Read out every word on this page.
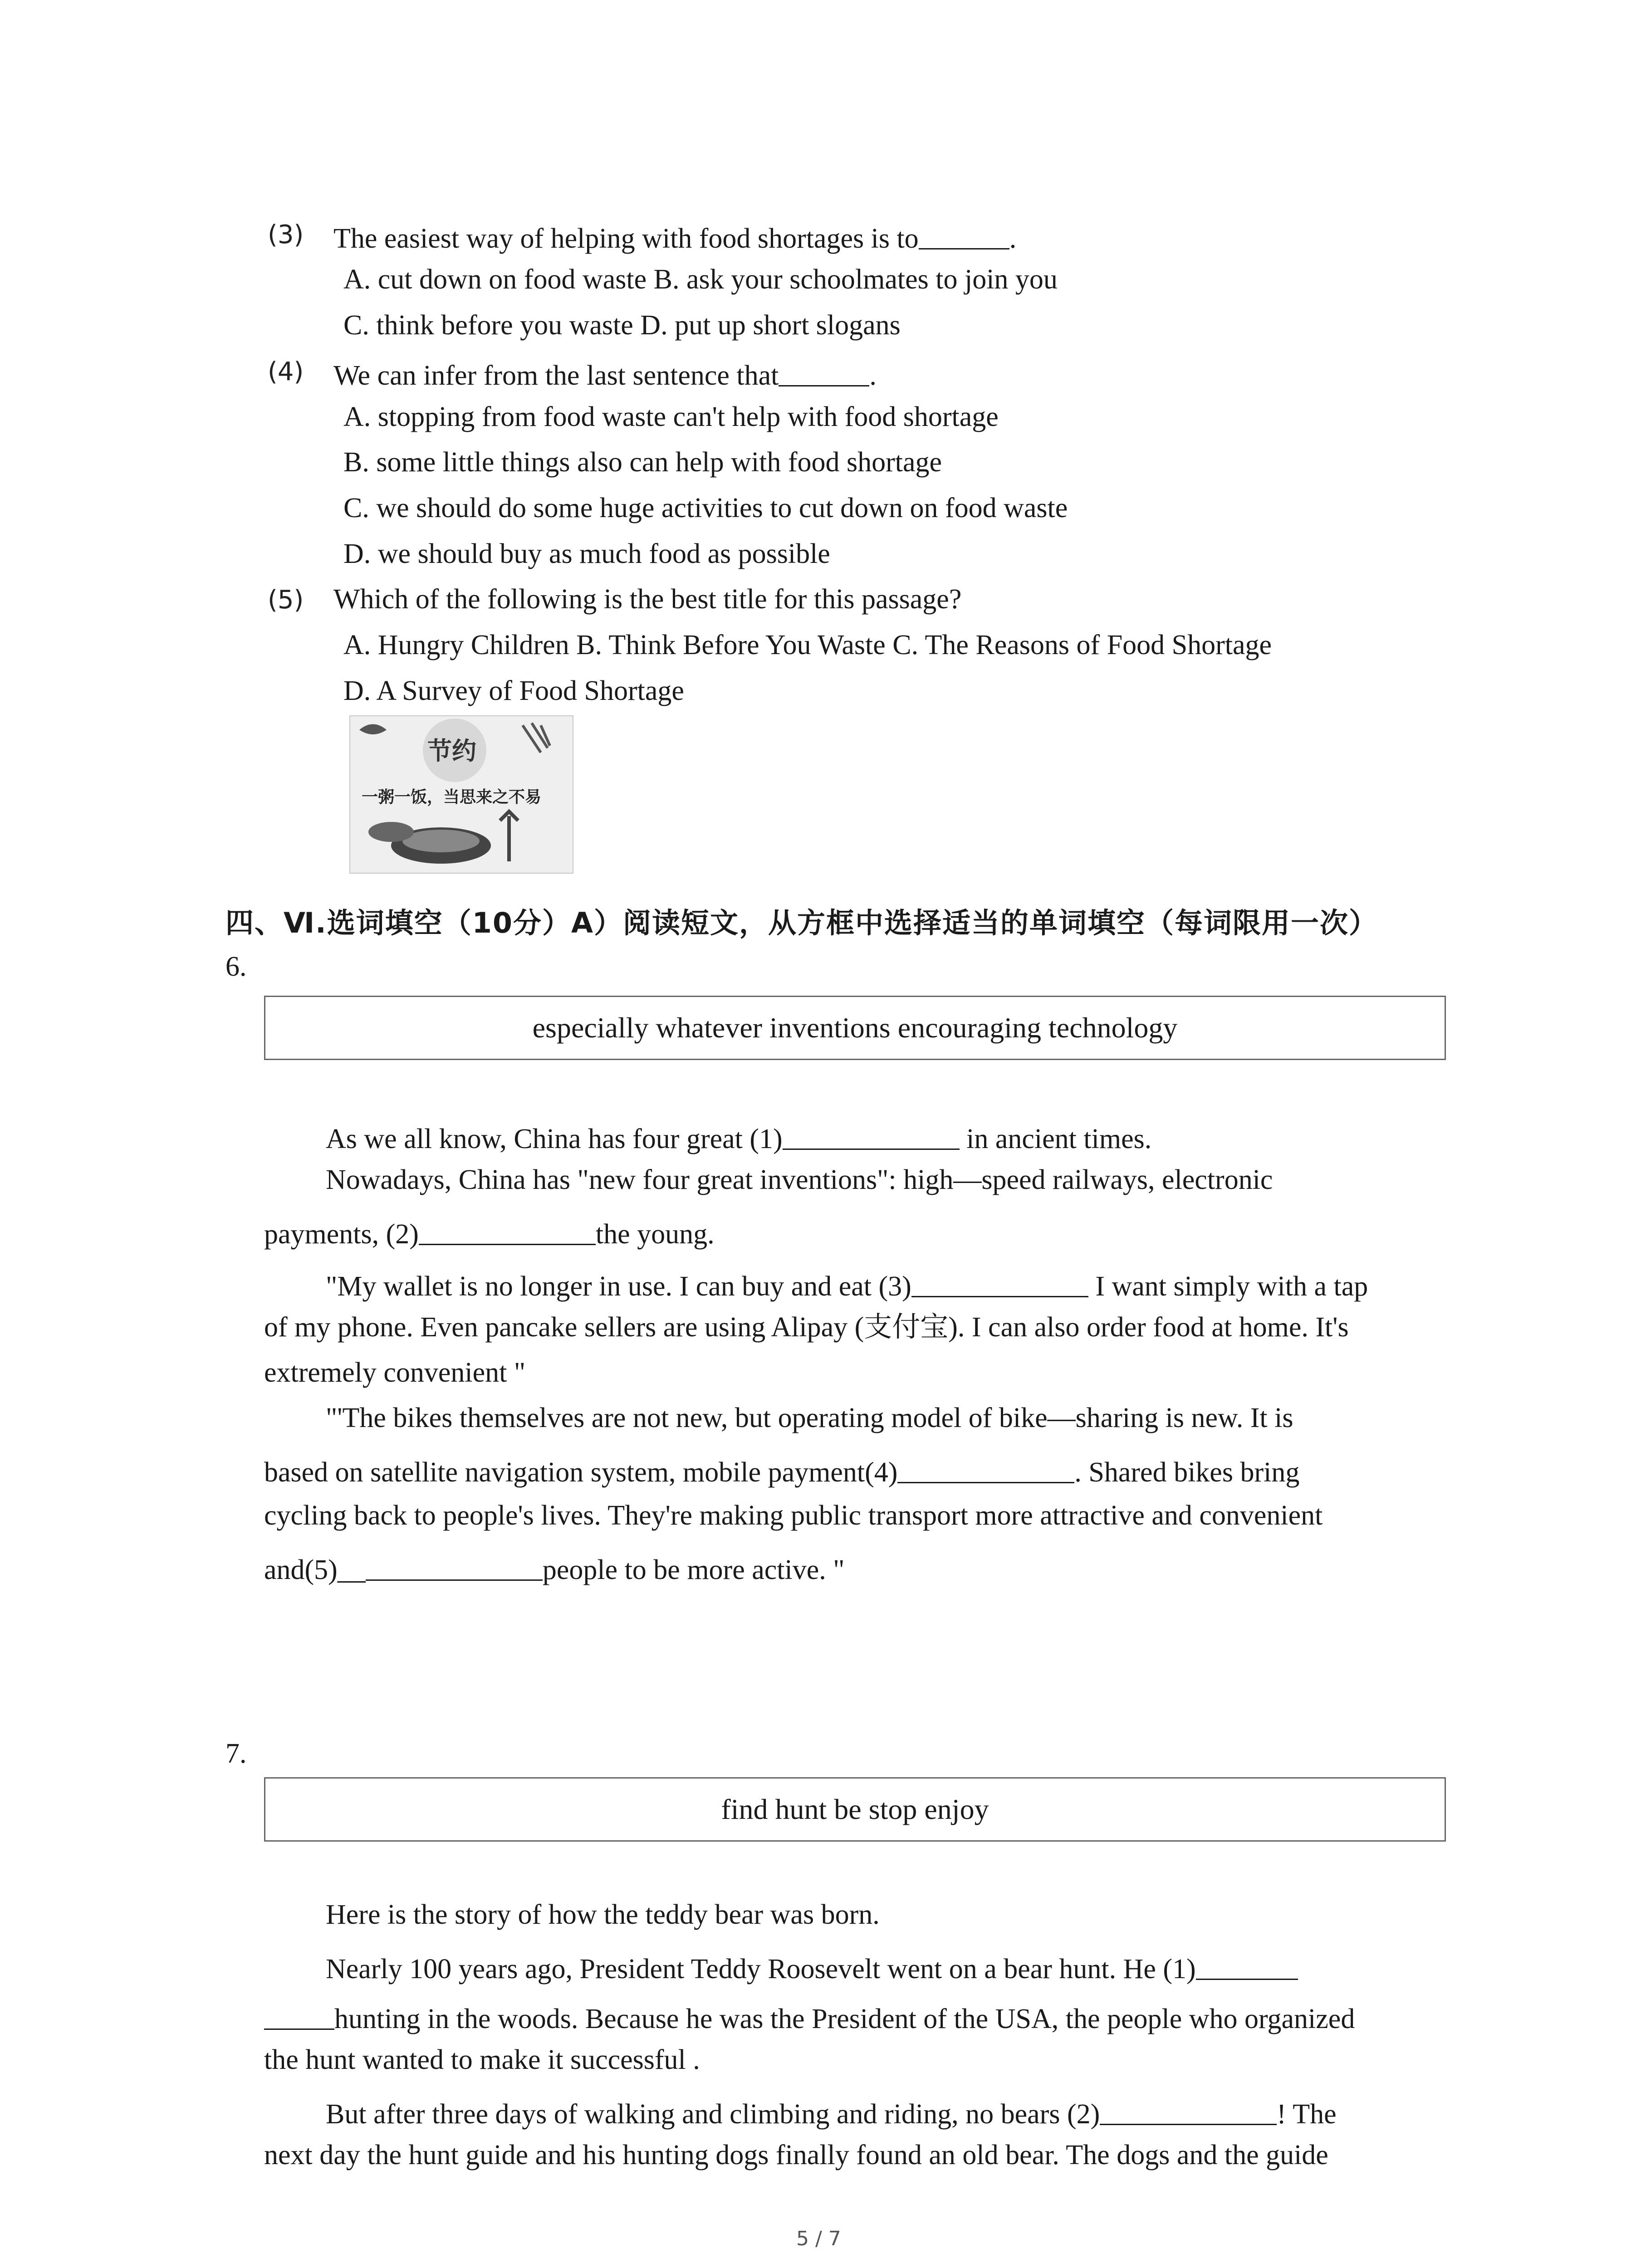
(3) The easiest way of helping with food shortages is to	.
A. cut down on food waste B. ask your schoolmates to join you
C. think before you waste D. put up short slogans
(4) We can infer from the last sentence that	.
A. stopping from food waste can't help with food shortage
B. some little things also can help with food shortage
C. we should do some huge activities to cut down on food waste
D. we should buy as much food as possible
(5) Which of the following is the best title for this passage?
A. Hungry Children B. Think Before You Waste C. The Reasons of Food Shortage
D. A Survey of Food Shortage
节约
一粥一饭，当思来之不易
四、Ⅵ.选词填空（10分）A）阅读短文，从方框中选择适当的单词填空（每词限用一次）
6.
especially whatever inventions encouraging technology
As we all know, China has four great (1)	in ancient times.
Nowadays, China has "new four great inventions": high—speed railways, electronic
payments, (2)	the young.
"My wallet is no longer in use. I can buy and eat (3)	I want simply with a tap
of my phone. Even pancake sellers are using Alipay (支付宝). I can also order food at home. It's
extremely convenient "
"'The bikes themselves are not new, but operating model of bike—sharing is new. It is
based on satellite navigation system, mobile payment(4)	. Shared bikes bring
cycling back to people's lives. They're making public transport more attractive and convenient
and(5)__	people to be more active. "
7.
find hunt be stop enjoy
Here is the story of how the teddy bear was born.
Nearly 100 years ago, President Teddy Roosevelt went on a bear hunt. He (1)
hunting in the woods. Because he was the President of the USA, the people who organized
the hunt wanted to make it successful .
But after three days of walking and climbing and riding, no bears (2)	! The
next day the hunt guide and his hunting dogs finally found an old bear. The dogs and the guide
5 / 7
